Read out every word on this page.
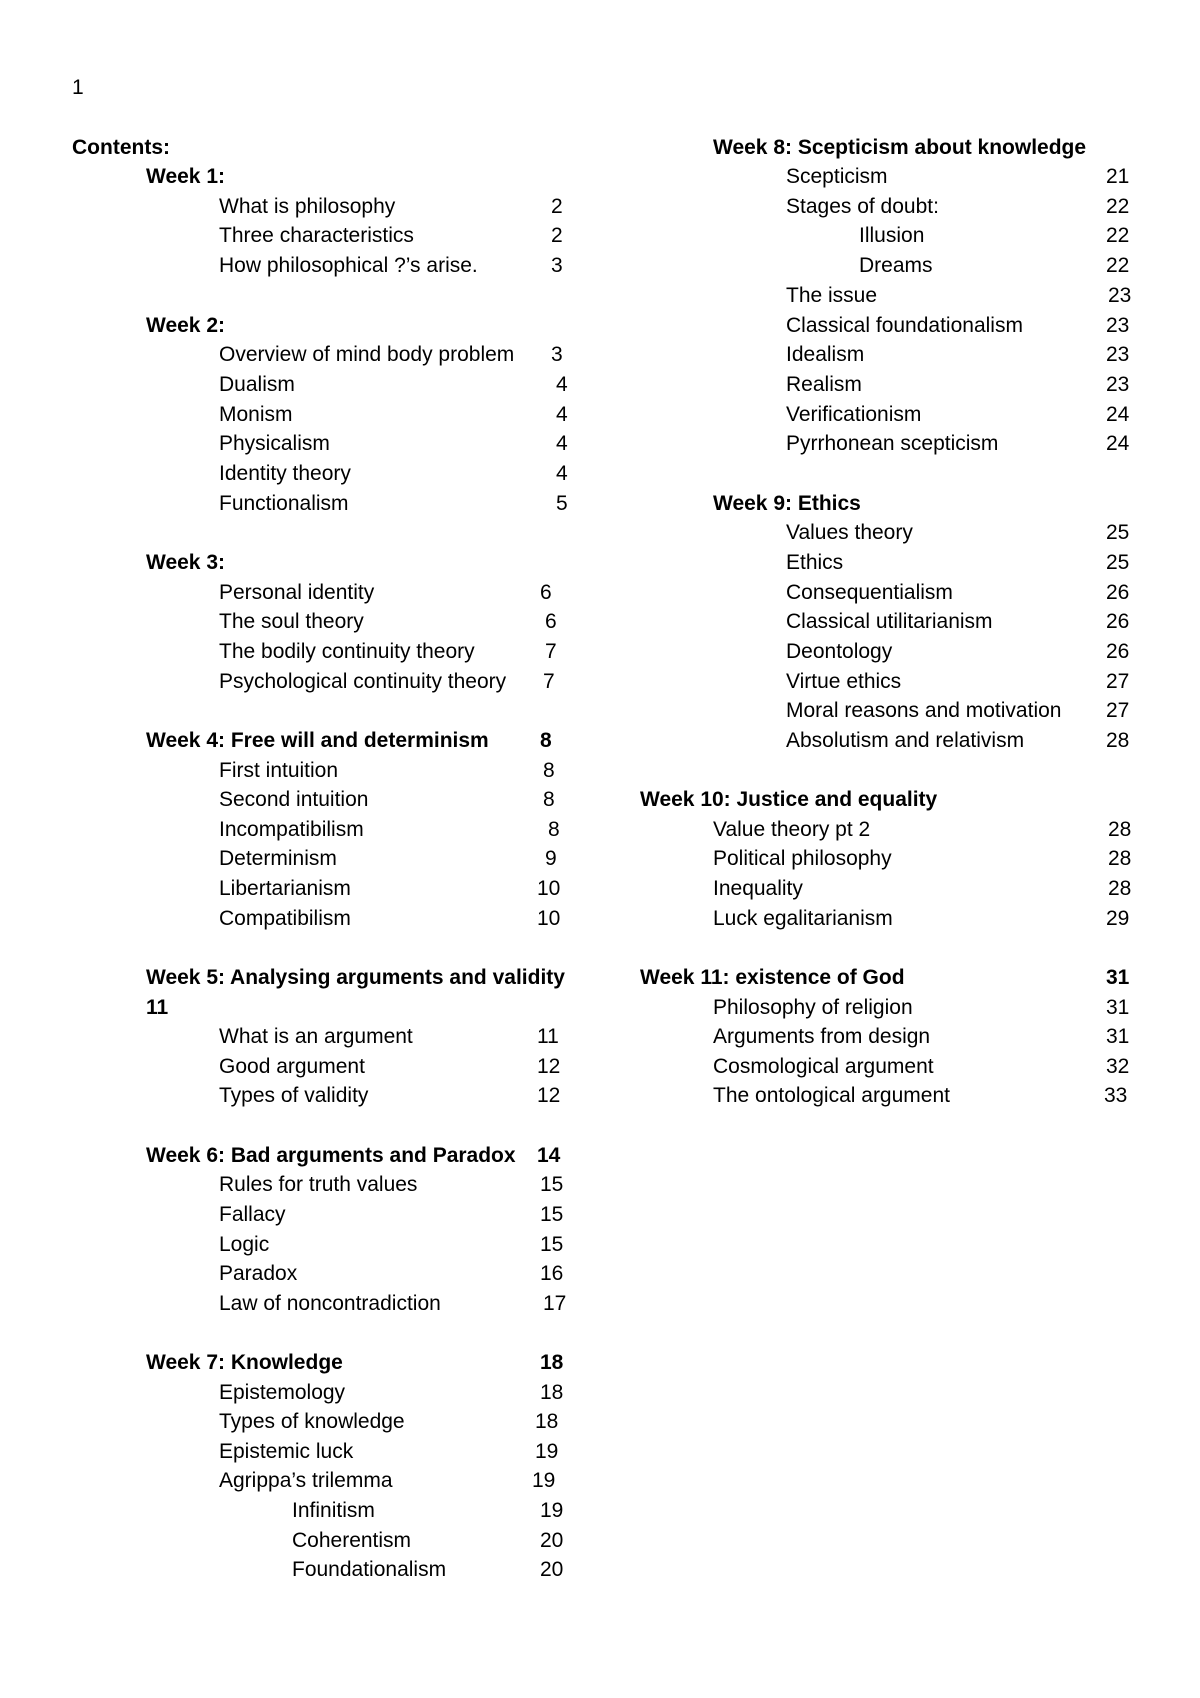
1
Contents:
Week 1:
What is philosophy	2
Three characteristics	2
How philosophical ?’s arise.	3
Week 2:
Overview of mind body problem 3
Dualism	4
Monism	4
Physicalism	4
Identity theory	4
Functionalism	5
Week 3:
Personal identity	6
The soul theory	6
The bodily continuity theory	7
Psychological continuity theory 7
Week 4: Free will and determinism 8
First intuition	8
Second intuition	8
Incompatibilism	8
Determinism	9
Libertarianism	10
Compatibilism	10
Week 5: Analysing arguments and validity
11
What is an argument	11
Good argument	12
Types of validity	12
Week 6: Bad arguments and Paradox 14
Rules for truth values	15
Fallacy	15
Logic	15
Paradox	16
Law of noncontradiction	17
Week 7: Knowledge	18
Epistemology	18
Types of knowledge	18
Epistemic luck	19
Agrippa’s trilemma	19
Infinitism	19
Coherentism	20
Foundationalism	20
Week 8: Scepticism about knowledge
Scepticism	21
Stages of doubt:	22
Illusion	22
Dreams	22
The issue	23
Classical foundationalism	23
Idealism	23
Realism	23
Verificationism	24
Pyrrhonean scepticism	24
Week 9: Ethics
Values theory	25
Ethics	25
Consequentialism	26
Classical utilitarianism	26
Deontology	26
Virtue ethics	27
Moral reasons and motivation 27
Absolutism and relativism	28
Week 10: Justice and equality
Value theory pt 2	28
Political philosophy	28
Inequality	28
Luck egalitarianism	29
Week 11: existence of God	31
Philosophy of religion	31
Arguments from design	31
Cosmological argument	32
The ontological argument	33
